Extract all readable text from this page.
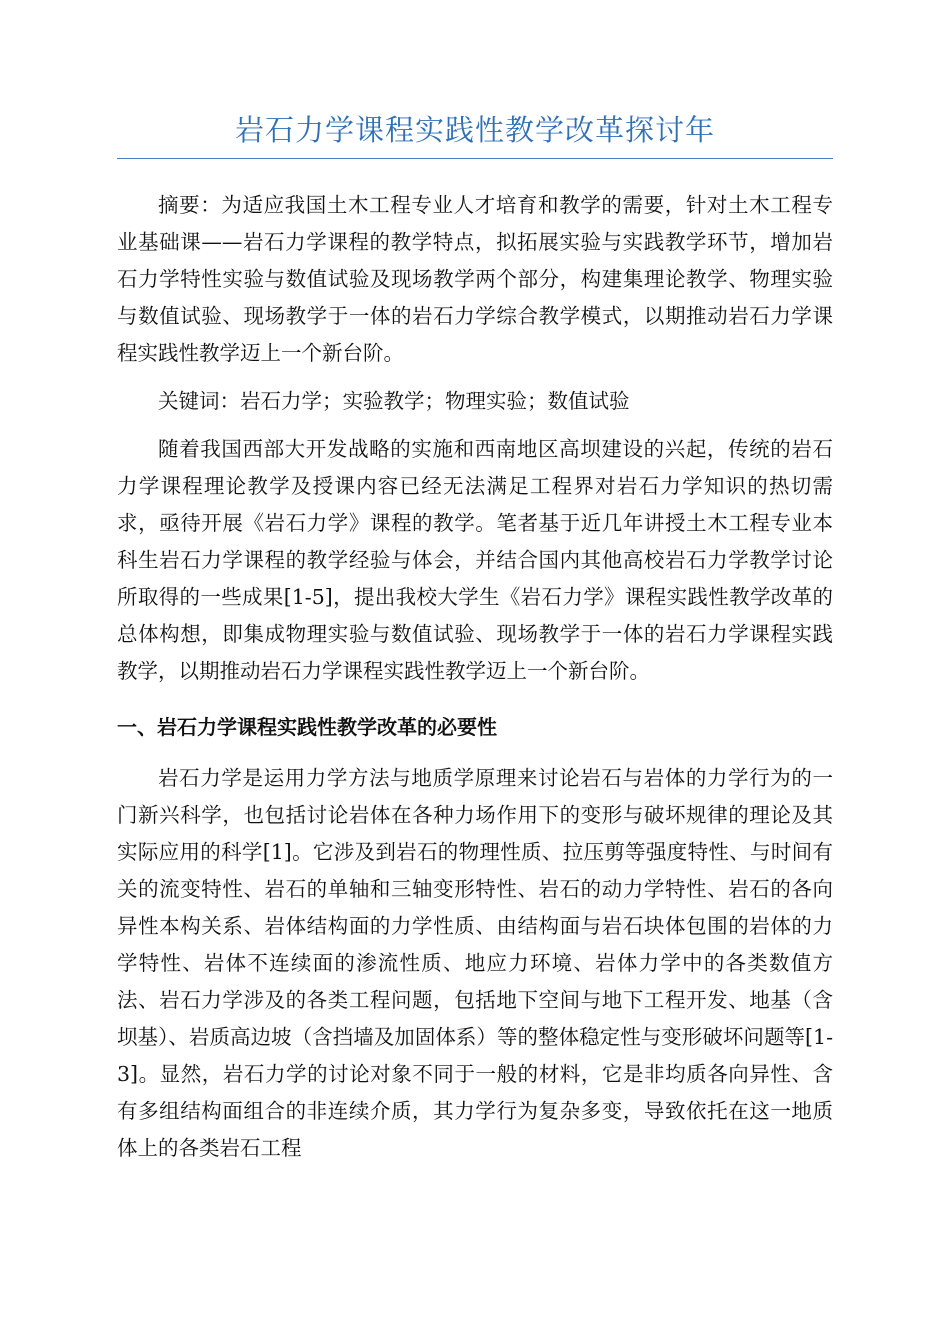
岩石力学课程实践性教学改革探讨年

摘要：为适应我国土木工程专业人才培育和教学的需要，针对土木工程专业基础课——岩石力学课程的教学特点，拟拓展实验与实践教学环节，增加岩石力学特性实验与数值试验及现场教学两个部分，构建集理论教学、物理实验与数值试验、现场教学于一体的岩石力学综合教学模式，以期推动岩石力学课程实践性教学迈上一个新台阶。

关键词：岩石力学；实验教学；物理实验；数值试验

随着我国西部大开发战略的实施和西南地区高坝建设的兴起，传统的岩石力学课程理论教学及授课内容已经无法满足工程界对岩石力学知识的热切需求，亟待开展《岩石力学》课程的教学。笔者基于近几年讲授土木工程专业本科生岩石力学课程的教学经验与体会，并结合国内其他高校岩石力学教学讨论所取得的一些成果[1-5]，提出我校大学生《岩石力学》课程实践性教学改革的总体构想，即集成物理实验与数值试验、现场教学于一体的岩石力学课程实践教学，以期推动岩石力学课程实践性教学迈上一个新台阶。

一、岩石力学课程实践性教学改革的必要性

岩石力学是运用力学方法与地质学原理来讨论岩石与岩体的力学行为的一门新兴科学，也包括讨论岩体在各种力场作用下的变形与破坏规律的理论及其实际应用的科学[1]。它涉及到岩石的物理性质、拉压剪等强度特性、与时间有关的流变特性、岩石的单轴和三轴变形特性、岩石的动力学特性、岩石的各向异性本构关系、岩体结构面的力学性质、由结构面与岩石块体包围的岩体的力学特性、岩体不连续面的渗流性质、地应力环境、岩体力学中的各类数值方法、岩石力学涉及的各类工程问题，包括地下空间与地下工程开发、地基（含坝基）、岩质高边坡（含挡墙及加固体系）等的整体稳定性与变形破坏问题等[1-3]。显然，岩石力学的讨论对象不同于一般的材料，它是非均质各向异性、含有多组结构面组合的非连续介质，其力学行为复杂多变，导致依托在这一地质体上的各类岩石工程
